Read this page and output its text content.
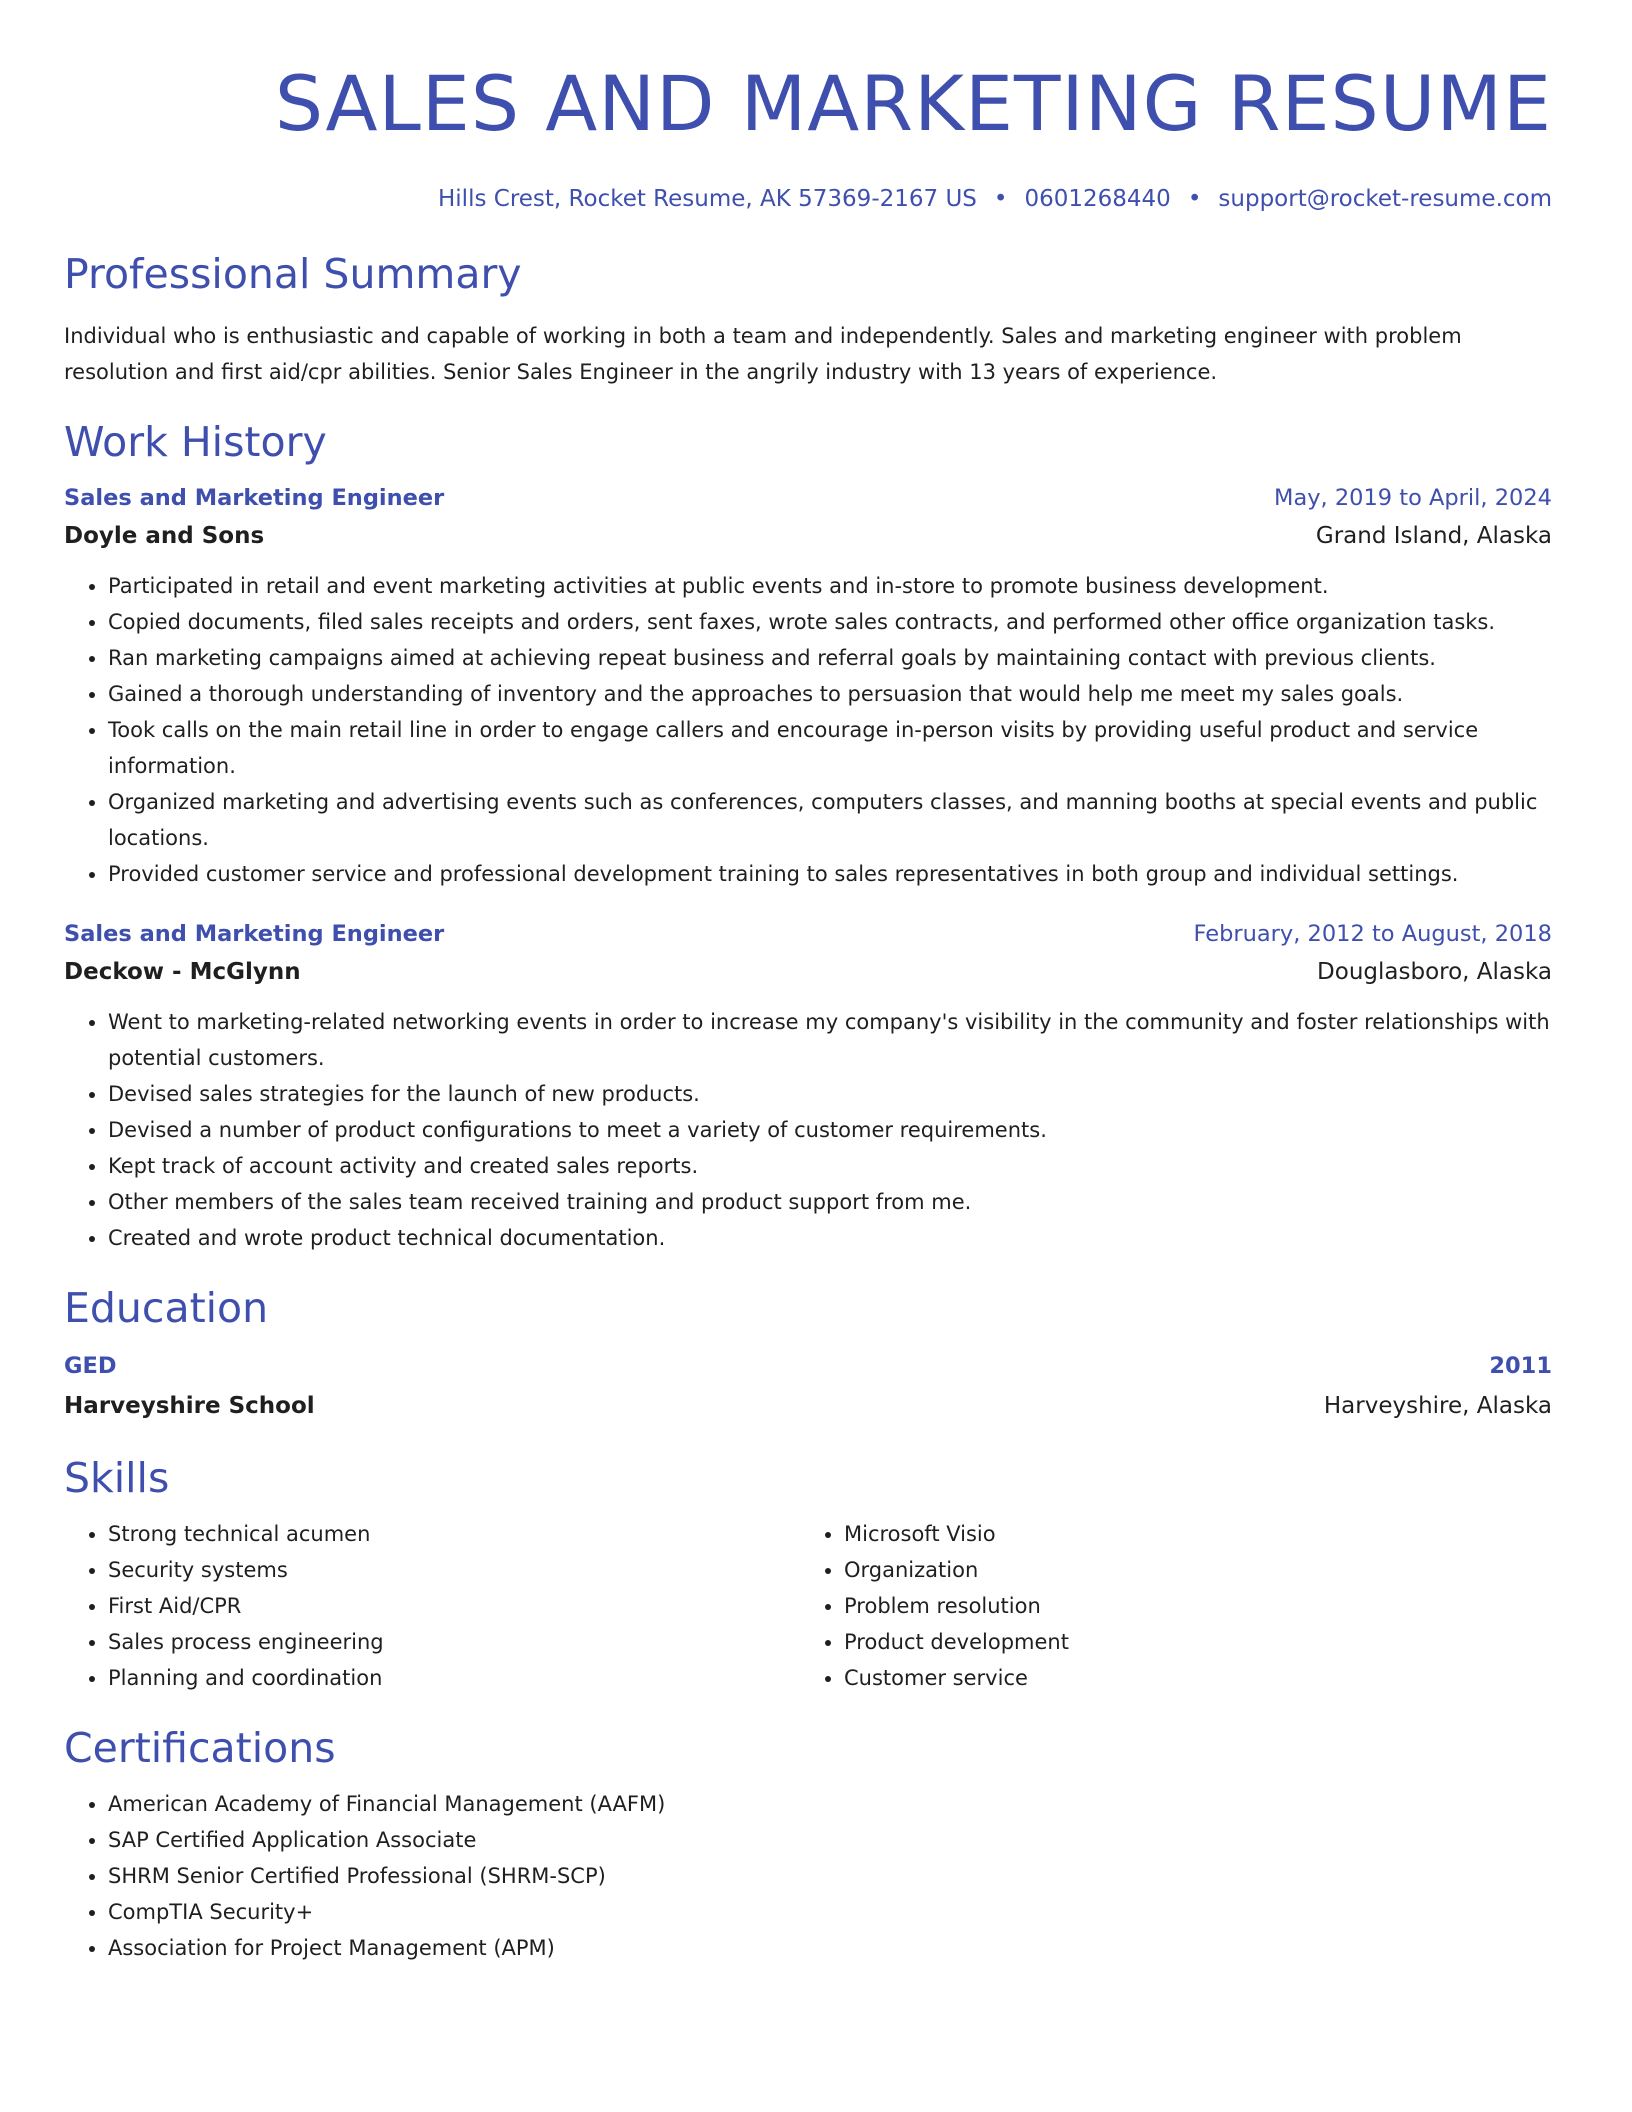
SALES AND MARKETING RESUME
Hills Crest, Rocket Resume, AK 57369-2167 US • 0601268440 • support@rocket-resume.com
Professional Summary

Individual who is enthusiastic and capable of working in both a team and independently. Sales and marketing engineer with problem resolution and first aid/cpr abilities. Senior Sales Engineer in the angrily industry with 13 years of experience.

Work History
Sales and Marketing Engineer	May, 2019 to April, 2024
Doyle and Sons	Grand Island, Alaska
• Participated in retail and event marketing activities at public events and in-store to promote business development.
• Copied documents, filed sales receipts and orders, sent faxes, wrote sales contracts, and performed other office organization tasks.
• Ran marketing campaigns aimed at achieving repeat business and referral goals by maintaining contact with previous clients.
• Gained a thorough understanding of inventory and the approaches to persuasion that would help me meet my sales goals.
• Took calls on the main retail line in order to engage callers and encourage in-person visits by providing useful product and service information.
• Organized marketing and advertising events such as conferences, computers classes, and manning booths at special events and public locations.
• Provided customer service and professional development training to sales representatives in both group and individual settings.
Sales and Marketing Engineer	February, 2012 to August, 2018
Deckow - McGlynn	Douglasboro, Alaska
• Went to marketing-related networking events in order to increase my company's visibility in the community and foster relationships with potential customers.
• Devised sales strategies for the launch of new products.
• Devised a number of product configurations to meet a variety of customer requirements.
• Kept track of account activity and created sales reports.
• Other members of the sales team received training and product support from me.
• Created and wrote product technical documentation.
Education
GED	2011
Harveyshire School	Harveyshire, Alaska
Skills
• Strong technical acumen
• Security systems
• First Aid/CPR
• Sales process engineering
• Planning and coordination
• Microsoft Visio
• Organization
• Problem resolution
• Product development
• Customer service
Certifications
• American Academy of Financial Management (AAFM)
• SAP Certified Application Associate
• SHRM Senior Certified Professional (SHRM-SCP)
• CompTIA Security+
• Association for Project Management (APM)
